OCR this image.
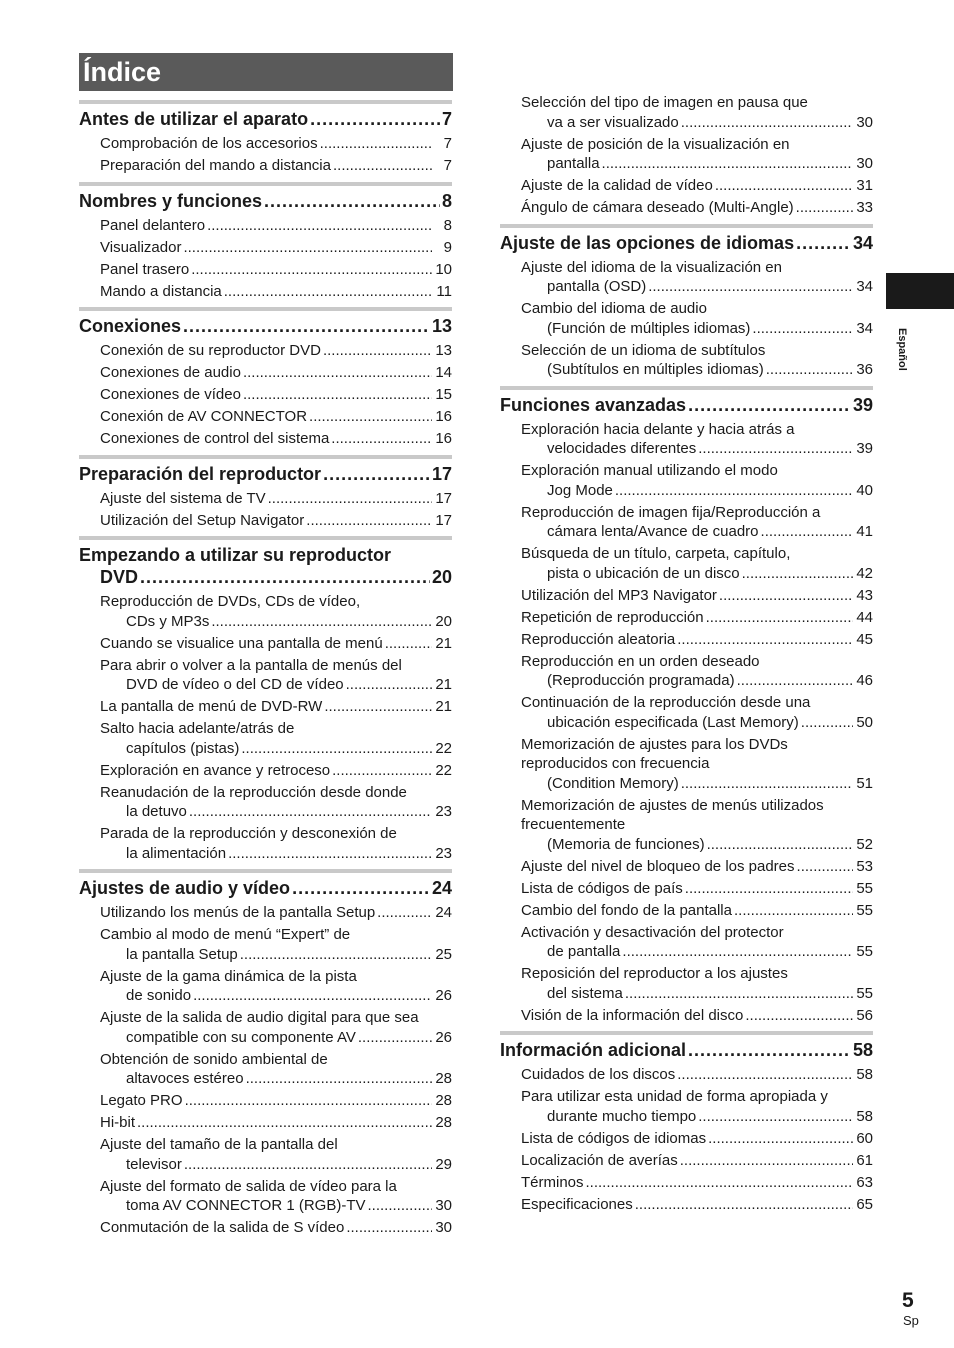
Índice
Antes de utilizar el aparato .....	7
Comprobación de los accesorios .....	7
Preparación del mando a distancia .....	7
Nombres y funciones .....	8
Panel delantero .....	8
Visualizador .....	9
Panel trasero .....	10
Mando a distancia .....	11
Conexiones .....	13
Conexión de su reproductor DVD .....	13
Conexiones de audio .....	14
Conexiones de vídeo .....	15
Conexión de AV CONNECTOR .....	16
Conexiones de control del sistema .....	16
Preparación del reproductor .....	17
Ajuste del sistema de TV .....	17
Utilización del Setup Navigator .....	17
Empezando a utilizar su reproductor
DVD .....	20
Reproducción de DVDs, CDs de vídeo,
CDs y MP3s .....	20
Cuando se visualice una pantalla de menú .....	21
Para abrir o volver a la pantalla de menús del
DVD de vídeo o del CD de vídeo .....	21
La pantalla de menú de DVD-RW .....	21
Salto hacia adelante/atrás de
capítulos (pistas) .....	22
Exploración en avance y retroceso .....	22
Reanudación de la reproducción desde donde
la detuvo .....	23
Parada de la reproducción y desconexión de
la alimentación .....	23
Ajustes de audio y vídeo .....	24
Utilizando los menús de la pantalla Setup .....	24
Cambio al modo de menú “Expert” de
la pantalla Setup .....	25
Ajuste de la gama dinámica de la pista
de sonido .....	26
Ajuste de la salida de audio digital para que sea
compatible con su componente AV .....	26
Obtención de sonido ambiental de
altavoces estéreo .....	28
Legato PRO .....	28
Hi-bit .....	28
Ajuste del tamaño de la pantalla del
televisor .....	29
Ajuste del formato de salida de vídeo para la
toma AV CONNECTOR 1 (RGB)-TV .....	30
Conmutación de la salida de S vídeo .....	30
Selección del tipo de imagen en pausa que
va a ser visualizado .....	30
Ajuste de posición de la visualización en
pantalla .....	30
Ajuste de la calidad de vídeo .....	31
Ángulo de cámara deseado (Multi-Angle) .....	33
Ajuste de las opciones de idiomas .....	34
Ajuste del idioma de la visualización en
pantalla (OSD) .....	34
Cambio del idioma de audio
(Función de múltiples idiomas) .....	34
Selección de un idioma de subtítulos
(Subtítulos en múltiples idiomas) .....	36
Funciones avanzadas .....	39
Exploración hacia delante y hacia atrás a
velocidades diferentes .....	39
Exploración manual utilizando el modo
Jog Mode .....	40
Reproducción de imagen fija/Reproducción a
cámara lenta/Avance de cuadro .....	41
Búsqueda de un título, carpeta, capítulo,
pista o ubicación de un disco .....	42
Utilización del MP3 Navigator .....	43
Repetición de reproducción .....	44
Reproducción aleatoria .....	45
Reproducción en un orden deseado
(Reproducción programada) .....	46
Continuación de la reproducción desde una
ubicación especificada (Last Memory) .....	50
Memorización de ajustes para los DVDs
reproducidos con frecuencia
(Condition Memory) .....	51
Memorización de ajustes de menús utilizados
frecuentemente
(Memoria de funciones) .....	52
Ajuste del nivel de bloqueo de los padres .....	53
Lista de códigos de país .....	55
Cambio del fondo de la pantalla .....	55
Activación y desactivación del protector
de pantalla .....	55
Reposición del reproductor a los ajustes
del sistema .....	55
Visión de la información del disco .....	56
Información adicional .....	58
Cuidados de los discos .....	58
Para utilizar esta unidad de forma apropiada y
durante mucho tiempo .....	58
Lista de códigos de idiomas .....	60
Localización de averías .....	61
Términos .....	63
Especificaciones .....	65
Español
5
Sp
